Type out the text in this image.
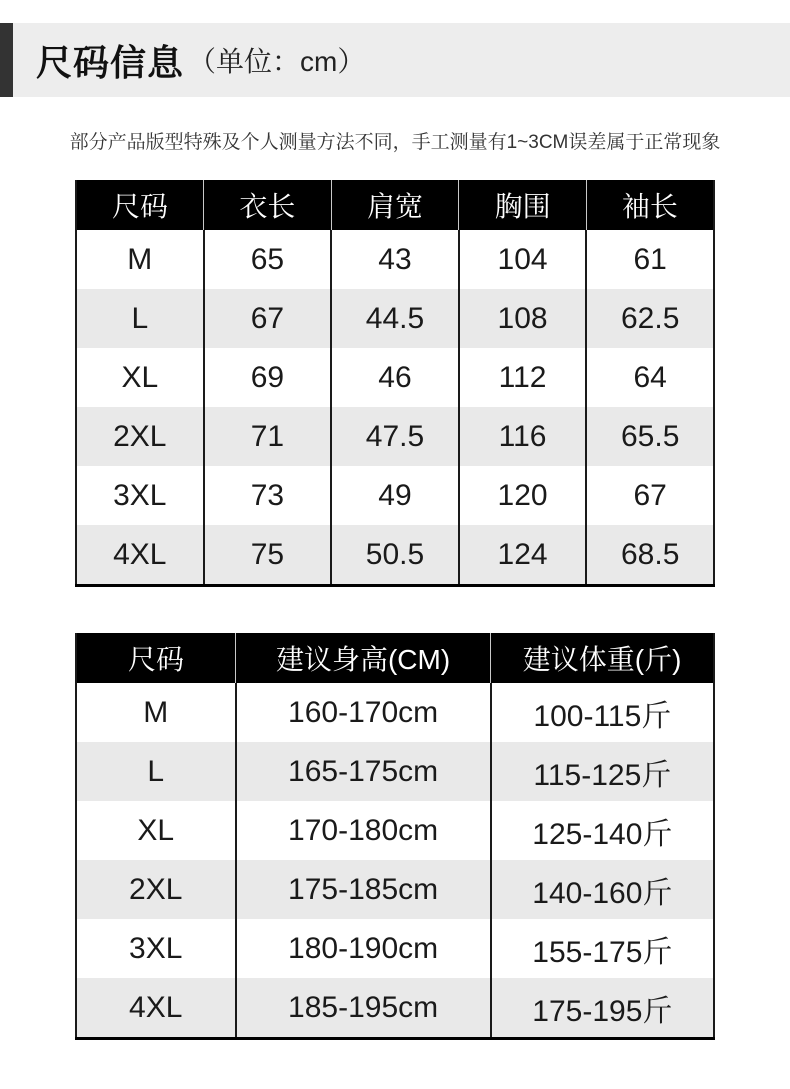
尺码信息 （单位：cm）
部分产品版型特殊及个人测量方法不同，手工测量有1~3CM误差属于正常现象
尺码	衣长	肩宽	胸围	袖长
M	65	43	104	61
L	67	44.5	108	62.5
XL	69	46	112	64
2XL	71	47.5	116	65.5
3XL	73	49	120	67
4XL	75	50.5	124	68.5
尺码	建议身高(CM)	建议体重(斤)
M	160-170cm	100-115斤
L	165-175cm	115-125斤
XL	170-180cm	125-140斤
2XL	175-185cm	140-160斤
3XL	180-190cm	155-175斤
4XL	185-195cm	175-195斤
